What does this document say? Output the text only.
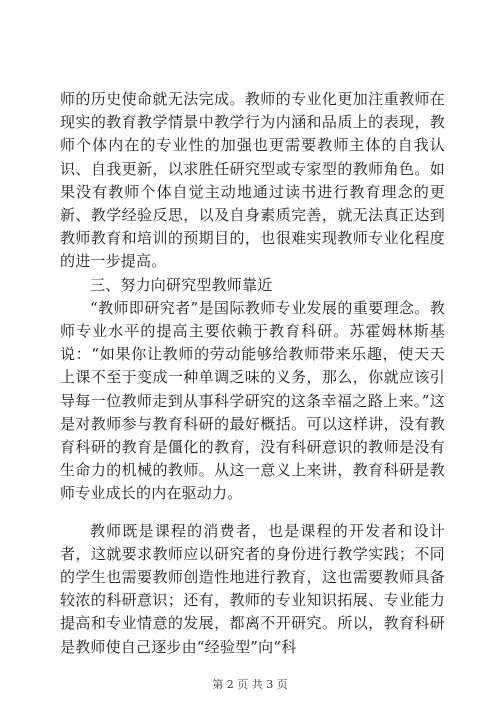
师的历史使命就无法完成。教师的专业化更加注重教师在现实的教育教学情景中教学行为内涵和品质上的表现，教师个体内在的专业性的加强也更需要教师主体的自我认识、自我更新，以求胜任研究型或专家型的教师角色。如果没有教师个体自觉主动地通过读书进行教育理念的更新、教学经验反思，以及自身素质完善，就无法真正达到教师教育和培训的预期目的，也很难实现教师专业化程度的进一步提高。

三、努力向研究型教师靠近

“教师即研究者”是国际教师专业发展的重要理念。教师专业水平的提高主要依赖于教育科研。苏霍姆林斯基说：“如果你让教师的劳动能够给教师带来乐趣，使天天上课不至于变成一种单调乏味的义务，那么，你就应该引导每一位教师走到从事科学研究的这条幸福之路上来。”这是对教师参与教育科研的最好概括。可以这样讲，没有教育科研的教育是僵化的教育，没有科研意识的教师是没有生命力的机械的教师。从这一意义上来讲，教育科研是教师专业成长的内在驱动力。

教师既是课程的消费者，也是课程的开发者和设计者，这就要求教师应以研究者的身份进行教学实践；不同的学生也需要教师创造性地进行教育，这也需要教师具备较浓的科研意识；还有，教师的专业知识拓展、专业能力提高和专业情意的发展，都离不开研究。所以，教育科研是教师使自己逐步由“经验型”向“科

第 2 页 共 3 页
